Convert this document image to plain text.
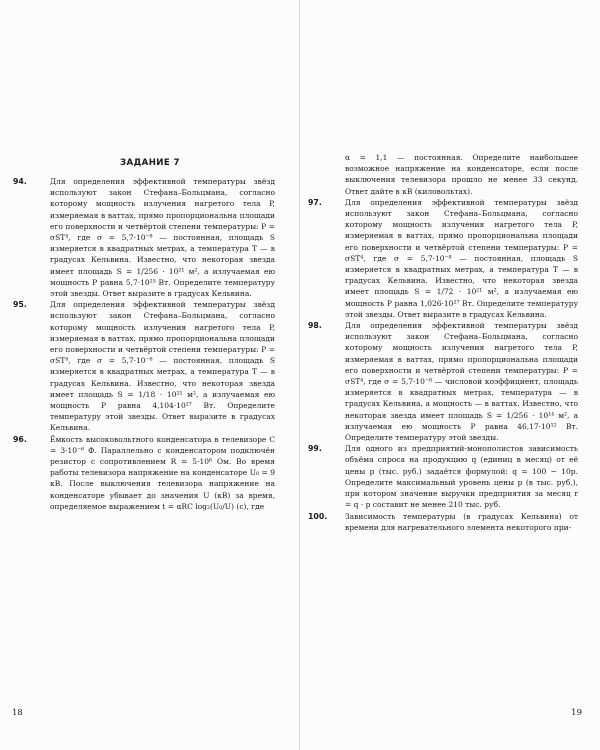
ЗАДАНИЕ 7
94.	Для определения эффективной температуры звёзд используют закон Стефана–Больцмана, согласно которому мощность излучения нагретого тела P, измеряемая в ваттах, прямо пропорциональна площади его поверхности и четвёртой степени температуры: P = σST⁴, где σ = 5,7·10⁻⁸ — постоянная, площадь S измеряется в квадратных метрах, а температура T — в градусах Кельвина. Известно, что некоторая звезда имеет площадь S = 1/256 · 10²¹ м², а излучаемая ею мощность P равна 5,7·10²⁵ Вт. Определите температуру этой звезды. Ответ выразите в градусах Кельвина.
95.	Для определения эффективной температуры звёзд используют закон Стефана–Больцмана, согласно которому мощность излучения нагретого тела P, измеряемая в ваттах, прямо пропорциональна площади его поверхности и четвёртой степени температуры: P = σST⁴, где σ = 5,7·10⁻⁸ — постоянная, площадь S измеряется в квадратных метрах, а температура T — в градусах Кельвина. Известно, что некоторая звезда имеет площадь S = 1/18 · 10²¹ м², а излучаемая ею мощность P равна 4,104·10²⁷ Вт. Определите температуру этой звезды. Ответ выразите в градусах Кельвина.
96.	Ёмкость высоковольтного конденсатора в телевизоре C = 3·10⁻⁶ Ф. Параллельно с конденсатором подключён резистор с сопротивлением R = 5·10⁶ Ом. Во время работы телевизора напряжение на конденсаторе U₀ = 9 кВ. После выключения телевизора напряжение на конденсаторе убывает до значения U (кВ) за время, определяемое выражением t = αRC log₂(U₀/U) (с), где
18
α = 1,1 — постоянная. Определите наибольшее возможное напряжение на конденсаторе, если после выключения телевизора прошло не менее 33 секунд. Ответ дайте в кВ (киловольтах).
97.	Для определения эффективной температуры звёзд используют закон Стефана–Больцмана, согласно которому мощность излучения нагретого тела P, измеряемая в ваттах, прямо пропорциональна площади его поверхности и четвёртой степени температуры: P = σST⁴, где σ = 5,7·10⁻⁸ — постоянная, площадь S измеряется в квадратных метрах, а температура T — в градусах Кельвина. Известно, что некоторая звезда имеет площадь S = 1/72 · 10²¹ м², а излучаемая ею мощность P равна 1,026·10²⁷ Вт. Определите температуру этой звезды. Ответ выразите в градусах Кельвина.
98.	Для определения эффективной температуры звёзд используют закон Стефана–Больцмана, согласно которому мощность излучения нагретого тела P, измеряемая в ваттах, прямо пропорциональна площади его поверхности и четвёртой степени температуры: P = σST⁴, где σ = 5,7·10⁻⁸ — числовой коэффициент, площадь измеряется в квадратных метрах, температура — в градусах Кельвина, а мощность — в ваттах. Известно, что некоторая звезда имеет площадь S = 1/256 · 10¹⁴ м², а излучаемая ею мощность P равна 46,17·10¹² Вт. Определите температуру этой звезды.
99.	Для одного из предприятий-монополистов зависимость объёма спроса на продукцию q (единиц в месяц) от её цены p (тыс. руб.) задаётся формулой: q = 100 − 10p. Определите максимальный уровень цены p (в тыс. руб.), при котором значение выручки предприятия за месяц r = q · p составит не менее 210 тыс. руб.
100.	Зависимость температуры (в градусах Кельвина) от времени для нагревательного элемента некоторого при-
19
